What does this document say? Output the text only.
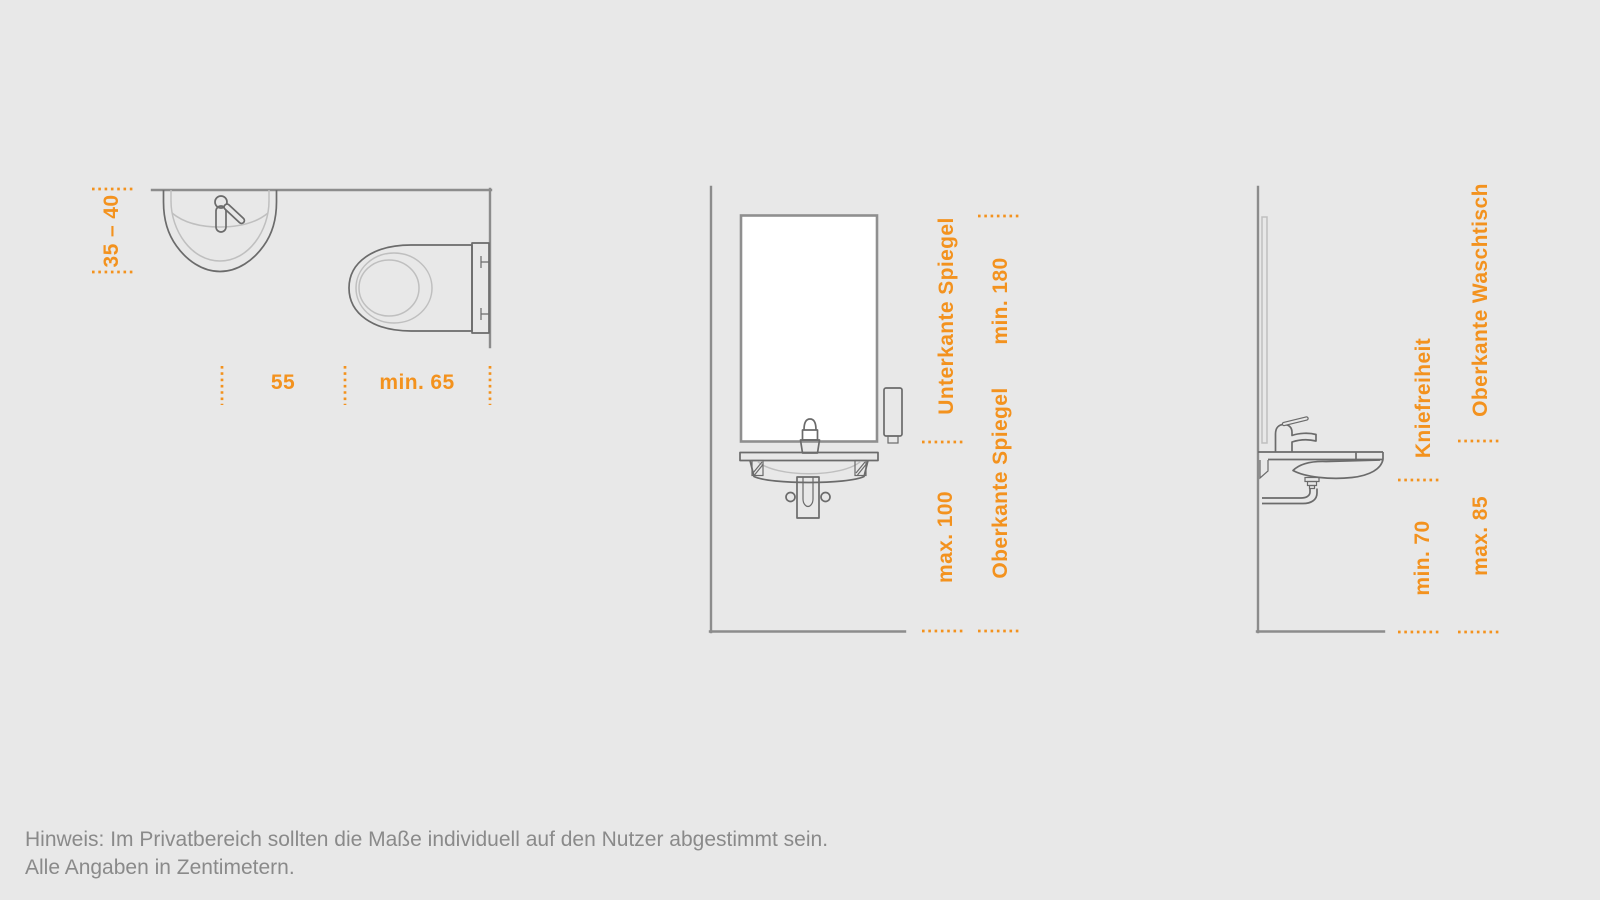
35 – 40
55	min. 65	Unterkante Spiegel
max. 100
min. 180
Oberkante Spiegel	Kniefreiheit
min. 70
Oberkante Waschtisch
max. 85
Hinweis: Im Privatbereich sollten die Maße individuell auf den Nutzer abgestimmt sein.
Alle Angaben in Zentimetern.
